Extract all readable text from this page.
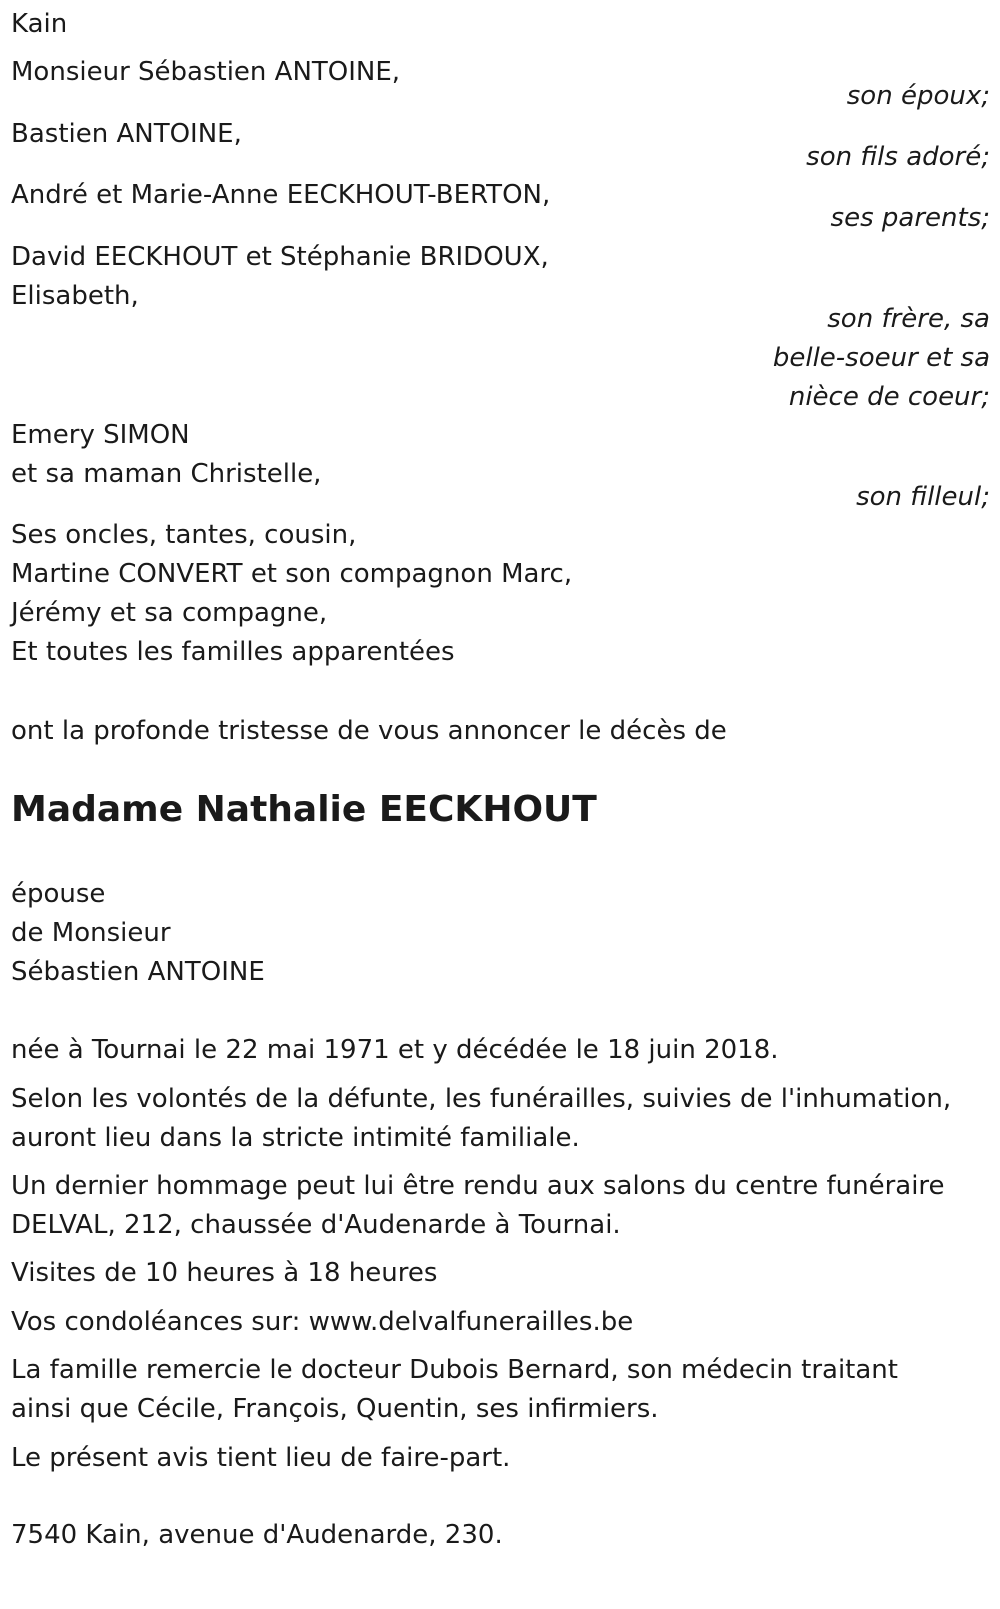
Kain
Monsieur Sébastien ANTOINE,
son époux;
Bastien ANTOINE,
son fils adoré;
André et Marie-Anne EECKHOUT-BERTON,
ses parents;
David EECKHOUT et Stéphanie BRIDOUX,
Elisabeth,
son frère, sa
belle-soeur et sa
nièce de coeur;
Emery SIMON
et sa maman Christelle,
son filleul;
Ses oncles, tantes, cousin,
Martine CONVERT et son compagnon Marc,
Jérémy et sa compagne,
Et toutes les familles apparentées
ont la profonde tristesse de vous annoncer le décès de
Madame Nathalie EECKHOUT
épouse
de Monsieur
Sébastien ANTOINE
née à Tournai le 22 mai 1971 et y décédée le 18 juin 2018.
Selon les volontés de la défunte, les funérailles, suivies de l'inhumation,
auront lieu dans la stricte intimité familiale.
Un dernier hommage peut lui être rendu aux salons du centre funéraire
DELVAL, 212, chaussée d'Audenarde à Tournai.
Visites de 10 heures à 18 heures
Vos condoléances sur: www.delvalfunerailles.be
La famille remercie le docteur Dubois Bernard, son médecin traitant
ainsi que Cécile, François, Quentin, ses infirmiers.
Le présent avis tient lieu de faire-part.
7540 Kain, avenue d'Audenarde, 230.
